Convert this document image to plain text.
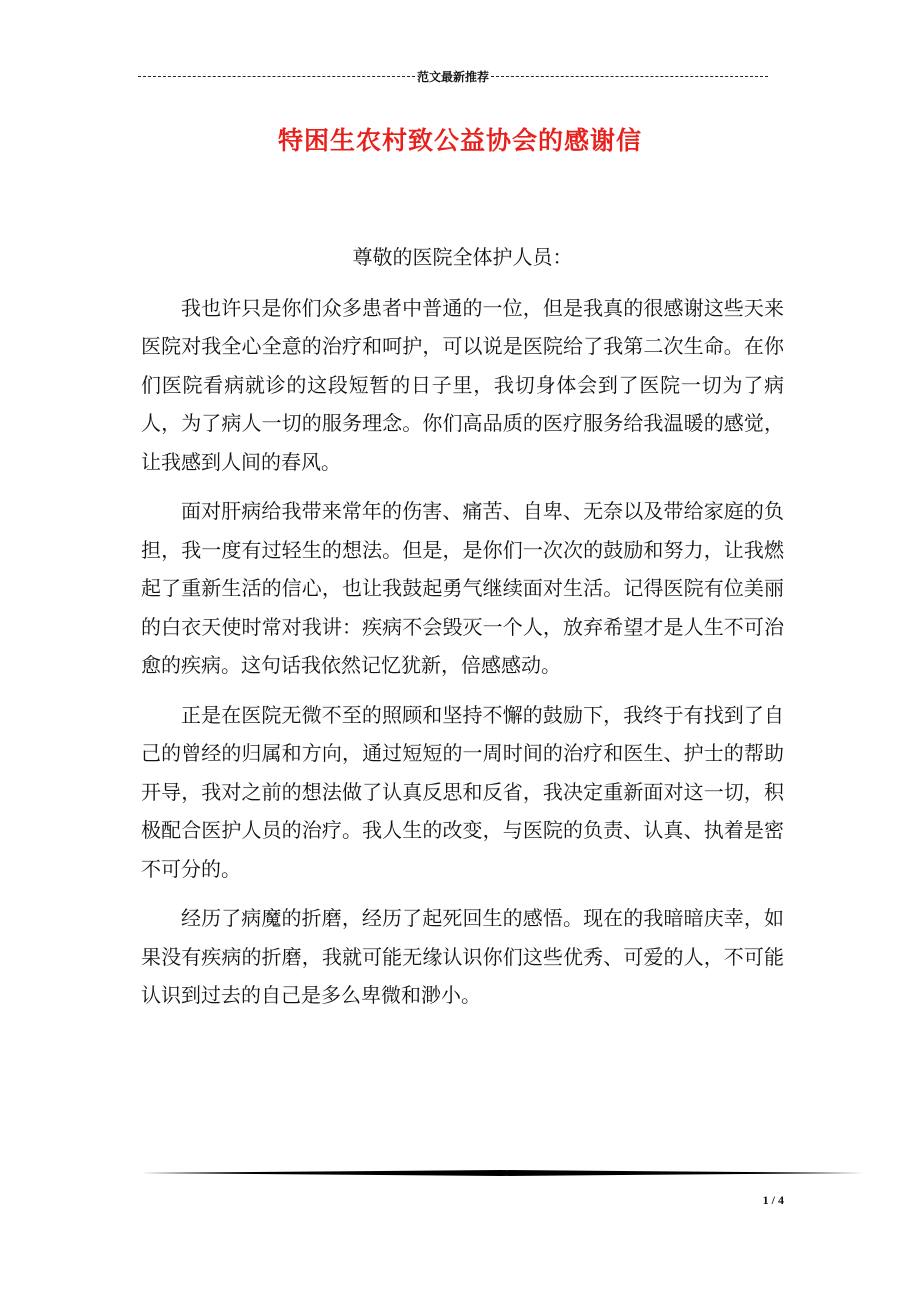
范文最新推荐
特困生农村致公益协会的感谢信

尊敬的医院全体护人员：

我也许只是你们众多患者中普通的一位，但是我真的很感谢这些天来医院对我全心全意的治疗和呵护，可以说是医院给了我第二次生命。在你们医院看病就诊的这段短暂的日子里，我切身体会到了医院一切为了病人，为了病人一切的服务理念。你们高品质的医疗服务给我温暖的感觉，让我感到人间的春风。

面对肝病给我带来常年的伤害、痛苦、自卑、无奈以及带给家庭的负担，我一度有过轻生的想法。但是，是你们一次次的鼓励和努力，让我燃起了重新生活的信心，也让我鼓起勇气继续面对生活。记得医院有位美丽的白衣天使时常对我讲：疾病不会毁灭一个人，放弃希望才是人生不可治愈的疾病。这句话我依然记忆犹新，倍感感动。

正是在医院无微不至的照顾和坚持不懈的鼓励下，我终于有找到了自己的曾经的归属和方向，通过短短的一周时间的治疗和医生、护士的帮助开导，我对之前的想法做了认真反思和反省，我决定重新面对这一切，积极配合医护人员的治疗。我人生的改变，与医院的负责、认真、执着是密不可分的。

经历了病魔的折磨，经历了起死回生的感悟。现在的我暗暗庆幸，如果没有疾病的折磨，我就可能无缘认识你们这些优秀、可爱的人，不可能认识到过去的自己是多么卑微和渺小。

1 / 4
